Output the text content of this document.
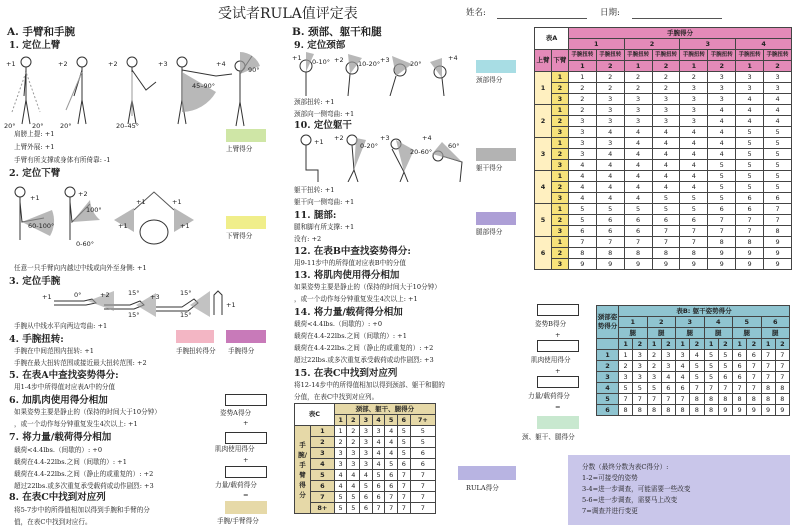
受试者RULA值评定表	姓名:	日期:
A. 手臂和手腕
1. 定位上臂
+1
20°	20°
+2
20°
+2
20–45°
+3
45–90°
+4
90°
肩膀上提: +1
上臂外展: +1
手臂有所支撑或身体有所倚靠: -1
上臂得分
2. 定位下臂
+1
60-100°
+2
100°
0-60°
+1
+1
+1
+1
下臂得分
任意一只手臂向内越过中线或向外至身侧: +1
3. 定位手腕
+1	0°	+2	15°
15°
+3	15°
15°
+1
手腕从中线水平向两边弯曲: +1
4. 手腕扭转:
手腕在中间范围内扭转: +1
手腕在最大扭转范围或接近最大扭转范围: +2
手腕扭转得分 手腕得分
5. 在表A中查找姿势得分:
用1-4步中所得值对应表A中的分值
6. 加肌肉使用得分相加
如果姿势主要是静止的（保持的时间大于10分钟）
，或一个动作每分钟重复发生4次以上: +1
姿势A得分
+
7. 将力量/载荷得分相加
载荷<4.4lbs.（间歇的）: +0
载荷在4.4-22lbs.之间（间歇的）: +1
载荷在4.4-22lbs.之间（静止的或重复的）: +2
超过22lbs.或多次重复承受载荷或动作剧烈: +3
肌肉使用得分
+
力量/载荷得分
=
8. 在表C中找到对应列
将5-7步中的所得值相加以得到手腕和手臂的分
值，在表C中找到对应行。	手腕/手臂得分
B. 颈部、躯干和腿
9. 定位颈部
+1 0-10° +2 10-20° +3	20°
+4
颈部扭转: +1
颈部向一侧弯曲: +1
颈部得分
10. 定位躯干
+1 +2
0-20°
+3
20-60°
+4
60°
躯干扭转: +1
躯干向一侧弯曲: +1
躯干得分
11. 腿部:
腿和脚有所支撑: +1
没有: +2
腿部得分
12. 在表B中查找姿势得分:
用9-11步中的所得值对应表B中的分值
13. 将肌肉使用得分相加
如果姿势主要是静止的（保持的时间大于10分钟）
，或一个动作每分钟重复发生4次以上: +1
14. 将力量/载荷得分相加
载荷<4.4lbs.（间歇的）: +0
载荷在4.4-22lbs.之间（间歇的）: +1
载荷在4.4-22lbs.之间（静止的或重复的）: +2
超过22lbs.或多次重复承受载荷或动作剧烈: +3
15. 在表C中找到对应列
将12-14步中的所得值相加以得到颈部、躯干和腿的
分值，在表C中找到对应列。
表C		颈部、躯干、腿得分						
		1	2	3	4	5	6	7+
手腕/手臂得分	1	1	2	3	3	4	5	5
	2	2	2	3	4	4	5	5
	3	3	3	3	4	4	5	6
	4	3	3	3	4	5	6	6
	5	4	4	4	5	6	7	7
	6	4	4	5	6	6	7	7
	7	5	5	6	6	7	7	7
	8+	5	5	6	7	7	7	7
RULA得分
表A		手腕得分							
		1		2		3		4	
上臂	下臂	手腕扭转	手腕扭转	手腕扭转	手腕扭转	手腕扭转	手腕扭转	手腕扭转	手腕扭转
		1	2	1	2	1	2	1	2
1	1	1	2	2	2	2	3	3	3
	2	2	2	2	2	3	3	3	3
	3	2	3	3	3	3	3	4	4
2	1	2	3	3	3	3	4	4	4
	2	3	3	3	3	3	4	4	4
	3	3	4	4	4	4	4	5	5
3	1	3	3	4	4	4	4	5	5
	2	3	4	4	4	4	4	5	5
	3	4	4	4	4	4	5	5	5
4	1	4	4	4	4	4	5	5	5
	2	4	4	4	4	4	5	5	5
	3	4	4	4	5	5	5	6	6
5	1	5	5	5	5	5	6	6	7
	2	5	6	6	6	6	7	7	7
	3	6	6	6	7	7	7	7	8
6	1	7	7	7	7	7	8	8	9
	2	8	8	8	8	8	9	9	9
	3	9	9	9	9	9	9	9	9
颈部姿势得分	表B: 躯干姿势得分											
	1		2		3		4		5		6	
	腿		腿		腿		腿		腿		腿	
	1	2	1	2	1	2	1	2	1	2	1	2
1	1	3	2	3	3	4	5	5	6	6	7	7
2	2	3	2	3	4	5	5	5	6	7	7	7
3	3	3	3	4	4	5	5	6	6	7	7	7
4	5	5	5	6	6	7	7	7	7	7	8	8
5	7	7	7	7	7	8	8	8	8	8	8	8
6	8	8	8	8	8	8	8	9	9	9	9	9
姿势B得分
+
肌肉使用得分
+
力量/载荷得分
=
颈、躯干、腿得分
分数（最终分数为表C得分）:
1-2=可接受的姿势
3-4=进一步调查，可能需要一些改变
5-6=进一步调查，需要马上改变
7=调查并进行变更
